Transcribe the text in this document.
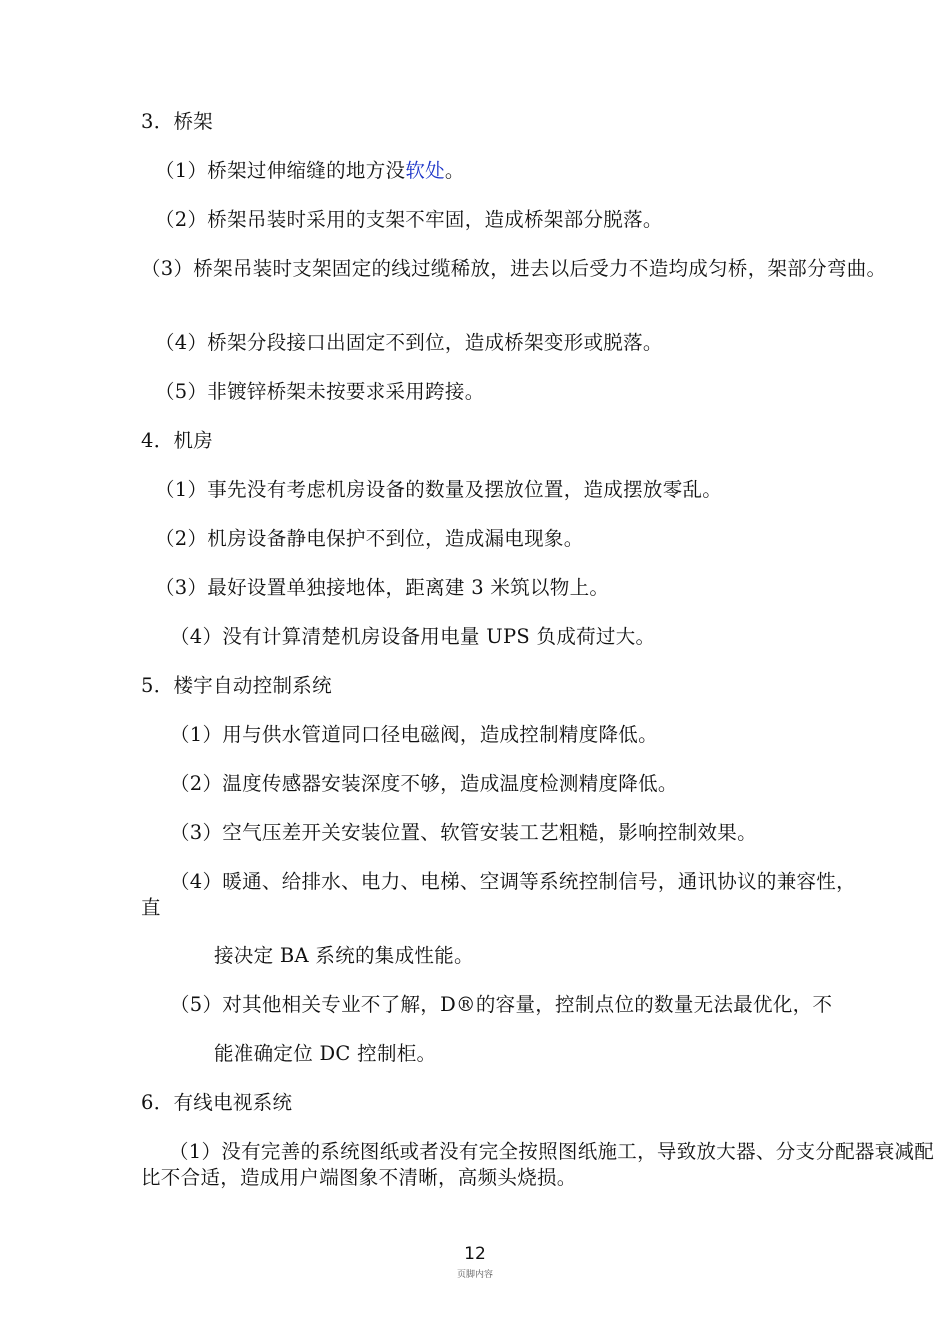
3．桥架
（1）桥架过伸缩缝的地方没软处。
（2）桥架吊装时采用的支架不牢固，造成桥架部分脱落。
（3）桥架吊装时支架固定的线过缆稀放，进去以后受力不造均成匀桥，架部分弯曲。
（4）桥架分段接口出固定不到位，造成桥架变形或脱落。
（5）非镀锌桥架未按要求采用跨接。
4．机房
（1）事先没有考虑机房设备的数量及摆放位置，造成摆放零乱。
（2）机房设备静电保护不到位，造成漏电现象。
（3）最好设置单独接地体，距离建 3 米筑以物上。
（4）没有计算清楚机房设备用电量 UPS 负成荷过大。
5．楼宇自动控制系统
（1）用与供水管道同口径电磁阀，造成控制精度降低。
（2）温度传感器安装深度不够，造成温度检测精度降低。
（3）空气压差开关安装位置、软管安装工艺粗糙，影响控制效果。
（4）暖通、给排水、电力、电梯、空调等系统控制信号，通讯协议的兼容性，
直
接决定 BA 系统的集成性能。
（5）对其他相关专业不了解，D®的容量，控制点位的数量无法最优化，不
能准确定位 DC 控制柜。
6．有线电视系统
（1）没有完善的系统图纸或者没有完全按照图纸施工，导致放大器、分支分配器衰减配比不合适，造成用户端图象不清晰，高频头烧损。
12
页脚内容
